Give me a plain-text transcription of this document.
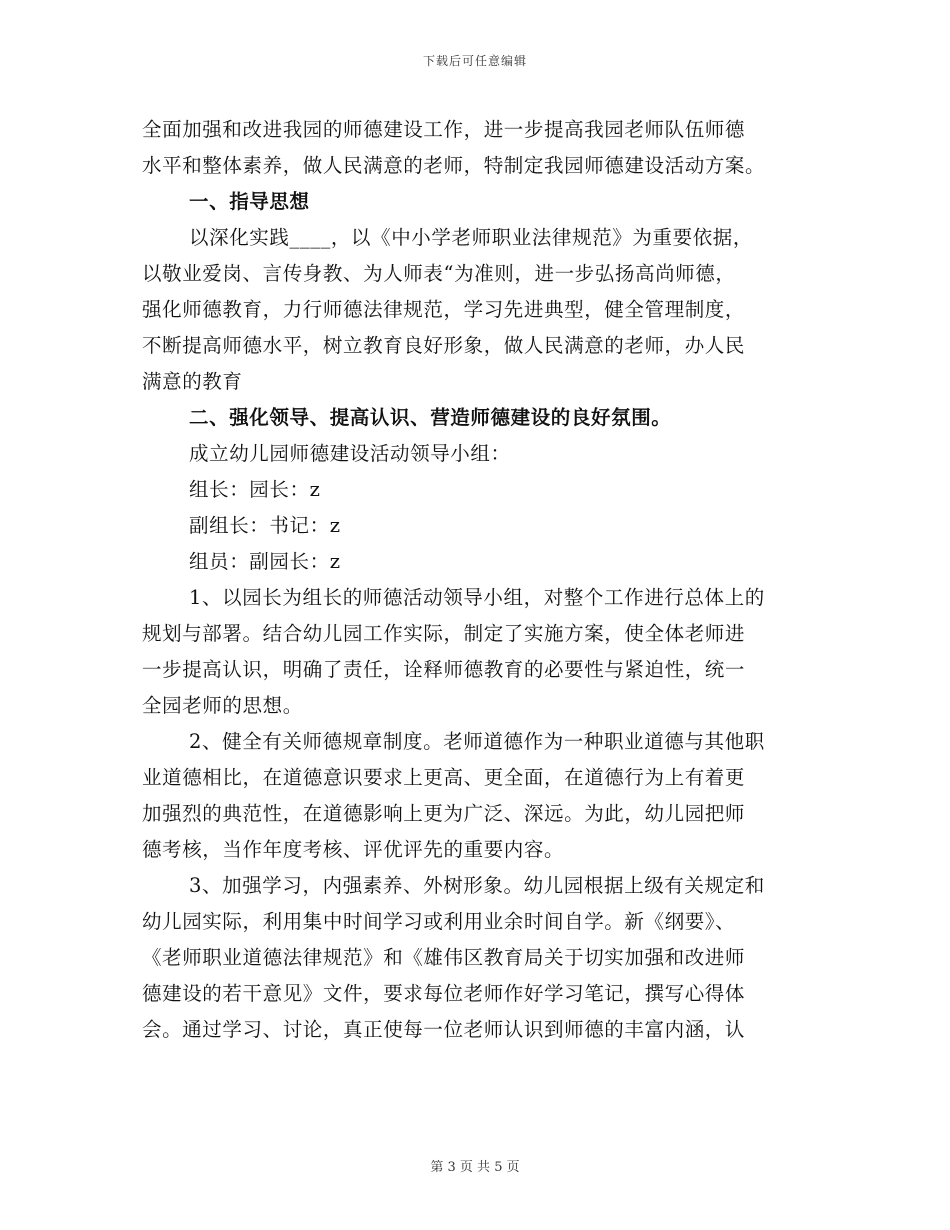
下载后可任意编辑
全面加强和改进我园的师德建设工作，进一步提高我园老师队伍师德
水平和整体素养，做人民满意的老师，特制定我园师德建设活动方案。
一、指导思想
以深化实践____，以《中小学老师职业法律规范》为重要依据，
以敬业爱岗、言传身教、为人师表“为准则，进一步弘扬高尚师德，
强化师德教育，力行师德法律规范，学习先进典型，健全管理制度，
不断提高师德水平，树立教育良好形象，做人民满意的老师，办人民
满意的教育
二、强化领导、提高认识、营造师德建设的良好氛围。
成立幼儿园师德建设活动领导小组：
组长：园长：z
副组长：书记：z
组员：副园长：z
1、以园长为组长的师德活动领导小组，对整个工作进行总体上的
规划与部署。结合幼儿园工作实际，制定了实施方案，使全体老师进
一步提高认识，明确了责任，诠释师德教育的必要性与紧迫性，统一
全园老师的思想。
2、健全有关师德规章制度。老师道德作为一种职业道德与其他职
业道德相比，在道德意识要求上更高、更全面，在道德行为上有着更
加强烈的典范性，在道德影响上更为广泛、深远。为此，幼儿园把师
德考核，当作年度考核、评优评先的重要内容。
3、加强学习，内强素养、外树形象。幼儿园根据上级有关规定和
幼儿园实际，利用集中时间学习或利用业余时间自学。新《纲要》、
《老师职业道德法律规范》和《雄伟区教育局关于切实加强和改进师
德建设的若干意见》文件，要求每位老师作好学习笔记，撰写心得体
会。通过学习、讨论，真正使每一位老师认识到师德的丰富内涵，认
第 3 页 共 5 页
